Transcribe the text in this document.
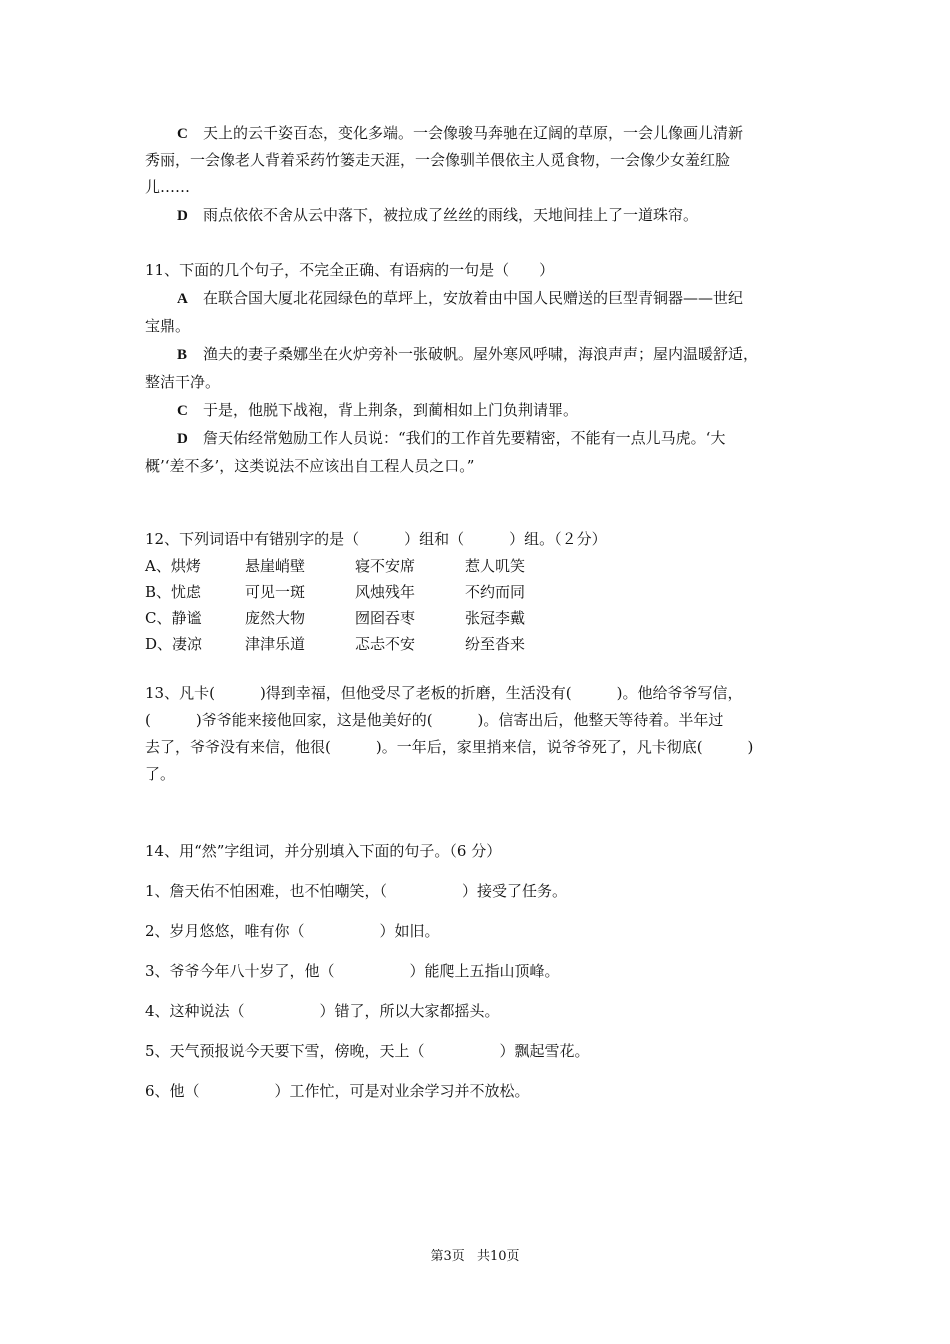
C 天上的云千姿百态，变化多端。一会像骏马奔驰在辽阔的草原，一会儿像画儿清新
秀丽，一会像老人背着采药竹篓走天涯，一会像驯羊偎依主人觅食物，一会像少女羞红脸
儿……
D 雨点依依不舍从云中落下，被拉成了丝丝的雨线，天地间挂上了一道珠帘。
11、下面的几个句子，不完全正确、有语病的一句是（　　）
A 在联合国大厦北花园绿色的草坪上，安放着由中国人民赠送的巨型青铜器——世纪
宝鼎。
B 渔夫的妻子桑娜坐在火炉旁补一张破帆。屋外寒风呼啸，海浪声声；屋内温暖舒适，
整洁干净。
C 于是，他脱下战袍，背上荆条，到蔺相如上门负荆请罪。
D 詹天佑经常勉励工作人员说：“我们的工作首先要精密，不能有一点儿马虎。‘大
概’‘差不多’，这类说法不应该出自工程人员之口。”
12、下列词语中有错别字的是（　　　）组和（　　　）组。（２分）
A、烘烤	悬崖峭壁	寝不安席	惹人叽笑
B、忧虑	可见一斑	风烛残年	不约而同
C、静谧	庞然大物	囫囵吞枣	张冠李戴
D、凄凉	津津乐道	忑忐不安	纷至沓来
13、凡卡(　　　)得到幸福，但他受尽了老板的折磨，生活没有(　　　)。他给爷爷写信，
(　　　)爷爷能来接他回家，这是他美好的(　　　)。信寄出后，他整天等待着。半年过
去了，爷爷没有来信，他很(　　　)。一年后，家里捎来信，说爷爷死了，凡卡彻底(　　　)
了。
14、用“然”字组词，并分别填入下面的句子。（6 分）
1、詹天佑不怕困难，也不怕嘲笑，（　　　　　）接受了任务。
2、岁月悠悠，唯有你（　　　　　）如旧。
3、爷爷今年八十岁了，他（　　　　　）能爬上五指山顶峰。
4、这种说法（　　　　　）错了，所以大家都摇头。
5、天气预报说今天要下雪，傍晚，天上（　　　　　）飘起雪花。
6、他（　　　　　）工作忙，可是对业余学习并不放松。
第3页 共10页
